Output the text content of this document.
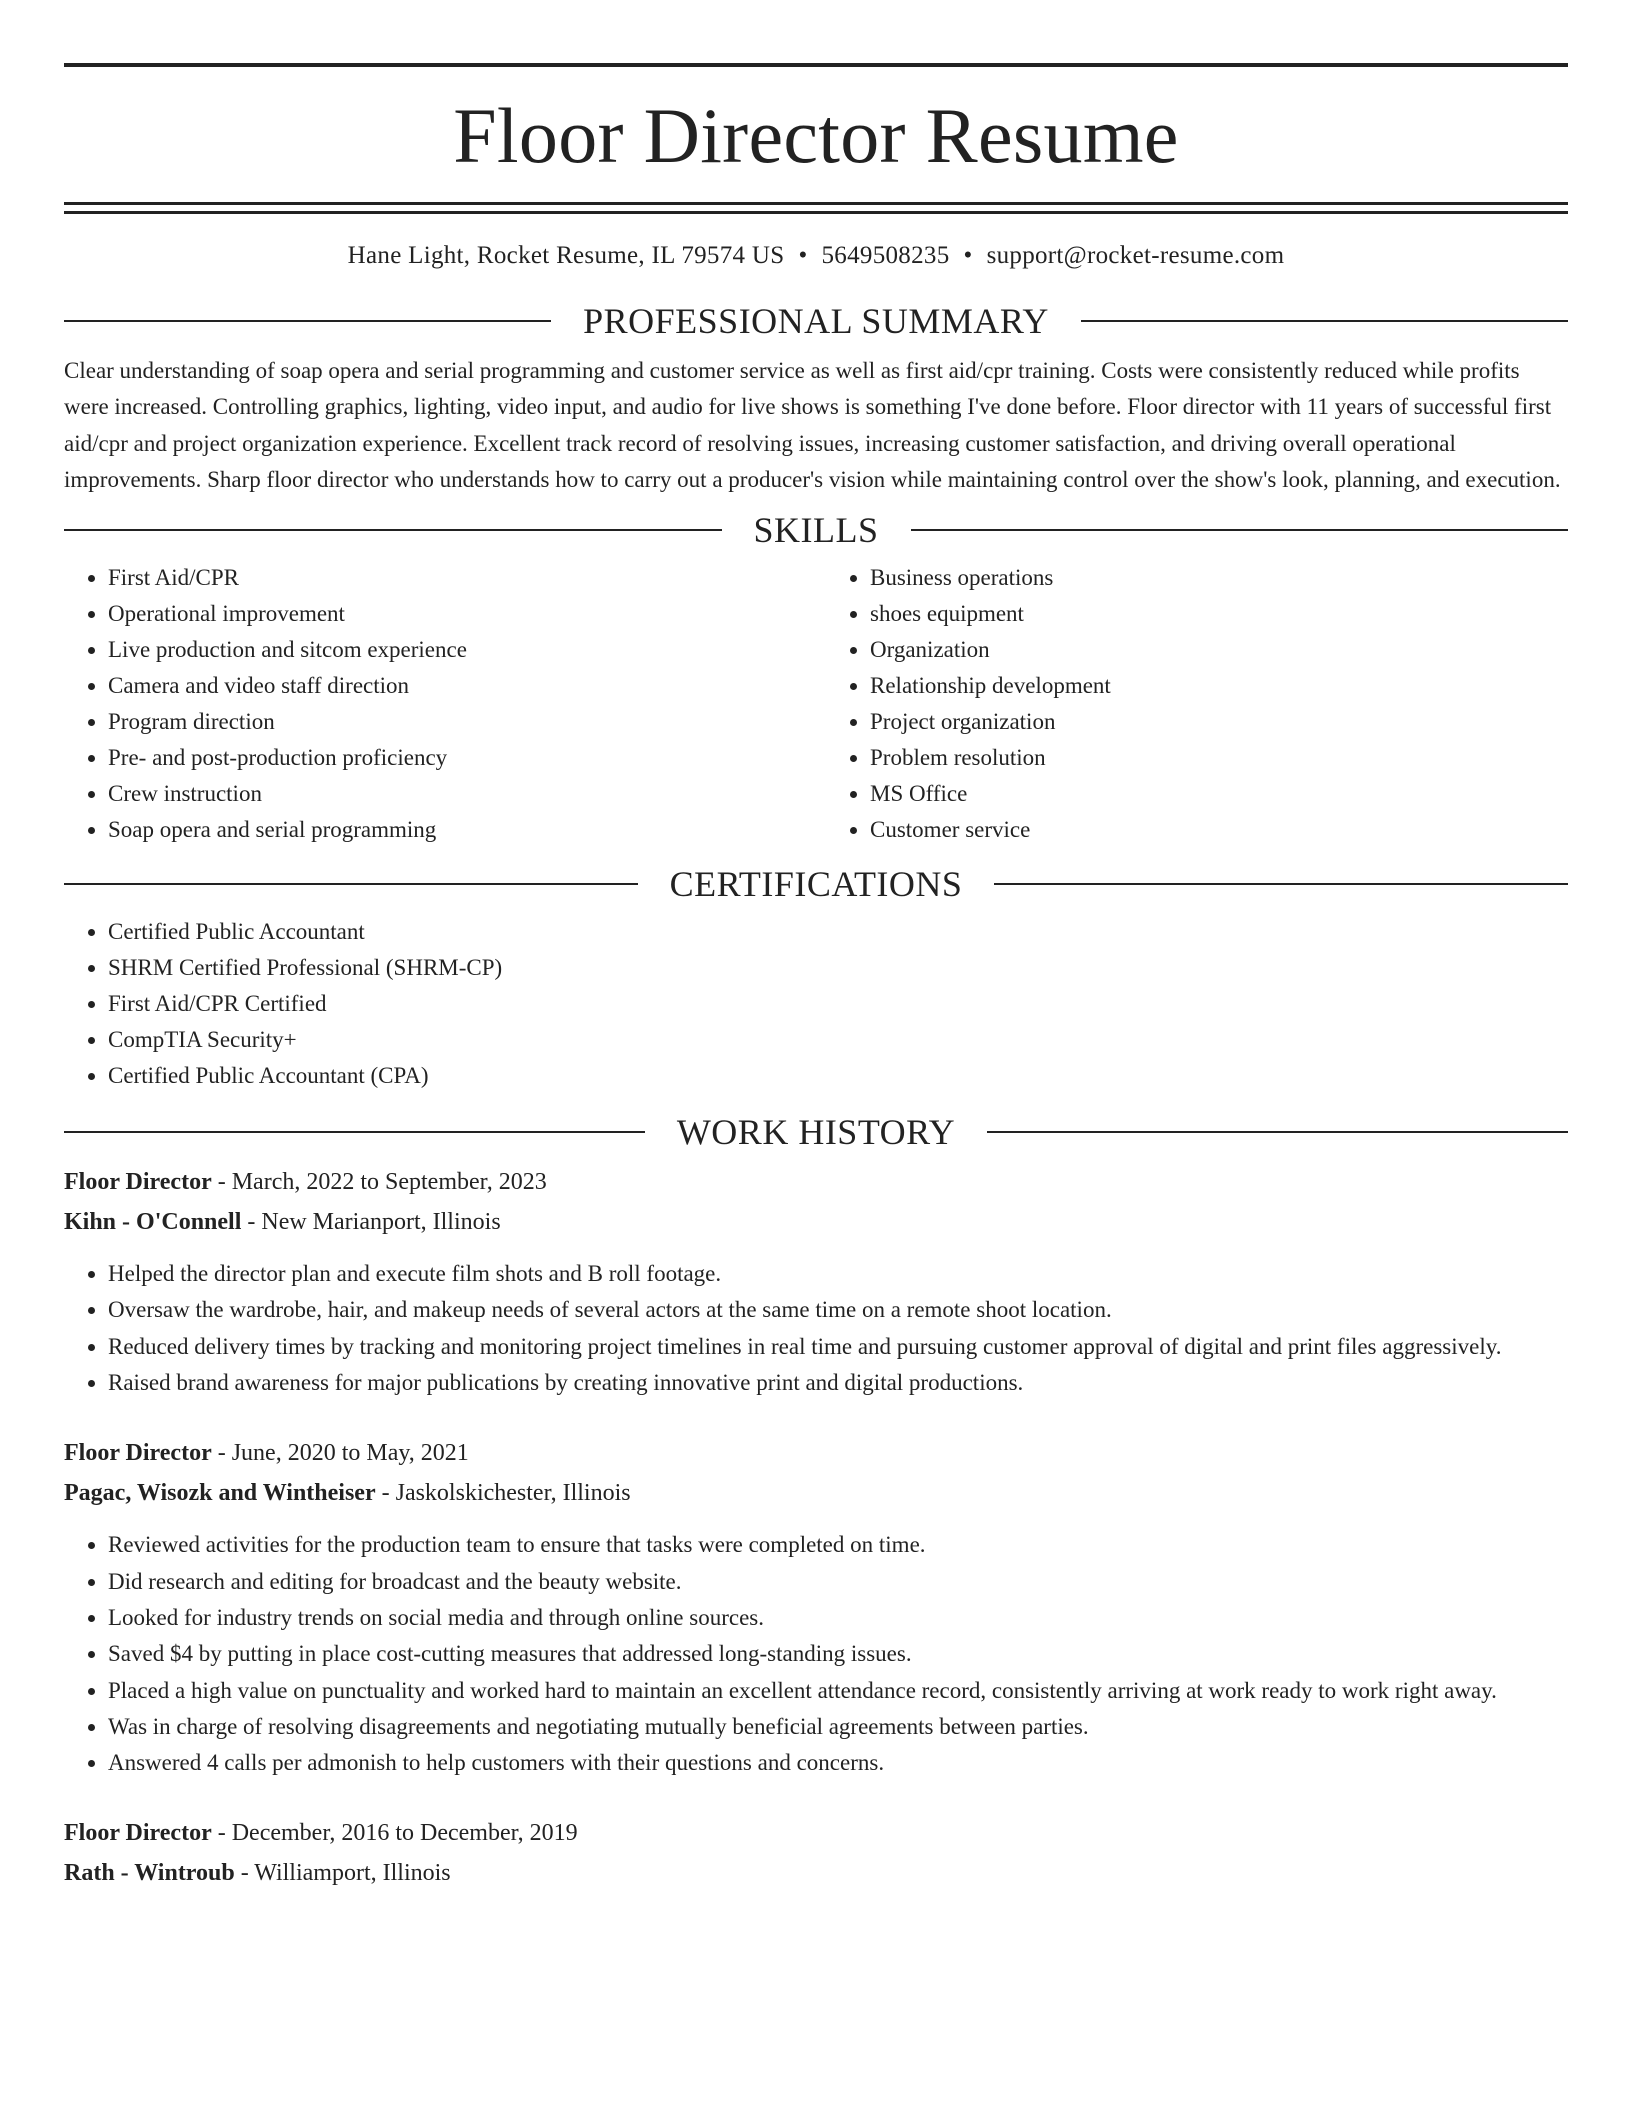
Floor Director Resume
Hane Light, Rocket Resume, IL 79574 US • 5649508235 • support@rocket-resume.com
PROFESSIONAL SUMMARY

Clear understanding of soap opera and serial programming and customer service as well as first aid/cpr training. Costs were consistently reduced while profits were increased. Controlling graphics, lighting, video input, and audio for live shows is something I've done before. Floor director with 11 years of successful first aid/cpr and project organization experience. Excellent track record of resolving issues, increasing customer satisfaction, and driving overall operational improvements. Sharp floor director who understands how to carry out a producer's vision while maintaining control over the show's look, planning, and execution.

SKILLS
• First Aid/CPR
• Operational improvement
• Live production and sitcom experience
• Camera and video staff direction
• Program direction
• Pre- and post-production proficiency
• Crew instruction
• Soap opera and serial programming
• Business operations
• shoes equipment
• Organization
• Relationship development
• Project organization
• Problem resolution
• MS Office
• Customer service
CERTIFICATIONS
• Certified Public Accountant
• SHRM Certified Professional (SHRM-CP)
• First Aid/CPR Certified
• CompTIA Security+
• Certified Public Accountant (CPA)
WORK HISTORY
Floor Director - March, 2022 to September, 2023
Kihn - O'Connell - New Marianport, Illinois
• Helped the director plan and execute film shots and B roll footage.
• Oversaw the wardrobe, hair, and makeup needs of several actors at the same time on a remote shoot location.
• Reduced delivery times by tracking and monitoring project timelines in real time and pursuing customer approval of digital and print files aggressively.
• Raised brand awareness for major publications by creating innovative print and digital productions.
Floor Director - June, 2020 to May, 2021
Pagac, Wisozk and Wintheiser - Jaskolskichester, Illinois
• Reviewed activities for the production team to ensure that tasks were completed on time.
• Did research and editing for broadcast and the beauty website.
• Looked for industry trends on social media and through online sources.
• Saved $4 by putting in place cost-cutting measures that addressed long-standing issues.
• Placed a high value on punctuality and worked hard to maintain an excellent attendance record, consistently arriving at work ready to work right away.
• Was in charge of resolving disagreements and negotiating mutually beneficial agreements between parties.
• Answered 4 calls per admonish to help customers with their questions and concerns.
Floor Director - December, 2016 to December, 2019
Rath - Wintroub - Williamport, Illinois
